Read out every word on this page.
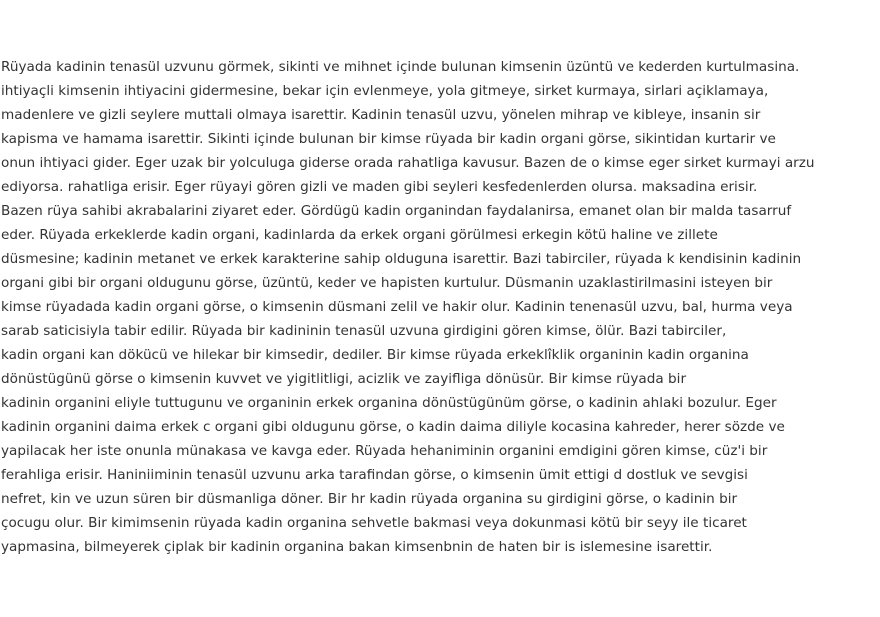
Rüyada kadinin tenasül uzvunu görmek, sikinti ve mihnet içinde bulunan kimsenin üzüntü ve kederden kurtulmasina.
ihtiyaçli kimsenin ihtiyacini gidermesine, bekar için evlenmeye, yola gitmeye, sirket kurmaya, sirlari açiklamaya,
madenlere ve gizli seylere muttali olmaya isarettir. Kadinin tenasül uzvu, yönelen mihrap ve kibleye, insanin sir
kapisma ve hamama isarettir. Sikinti içinde bulunan bir kimse rüyada bir kadin organi görse, sikintidan kurtarir ve
onun ihtiyaci gider. Eger uzak bir yolculuga giderse orada rahatliga kavusur. Bazen de o kimse eger sirket kurmayi arzu
ediyorsa. rahatliga erisir. Eger rüyayi gören gizli ve maden gibi seyleri kesfedenlerden olursa. maksadina erisir.
Bazen rüya sahibi akrabalarini ziyaret eder. Gördügü kadin organindan faydalanirsa, emanet olan bir malda tasarruf
eder. Rüyada erkeklerde kadin organi, kadinlarda da erkek organi görülmesi erkegin kötü haline ve zillete
düsmesine; kadinin metanet ve erkek karakterine sahip olduguna isarettir. Bazi tabirciler, rüyada k kendisinin kadinin
organi gibi bir organi oldugunu görse, üzüntü, keder ve hapisten kurtulur. Düsmanin uzaklastirilmasini isteyen bir
kimse rüyadada kadin organi görse, o kimsenin düsmani zelil ve hakir olur. Kadinin tenenasül uzvu, bal, hurma veya
sarab saticisiyla tabir edilir. Rüyada bir kadininin tenasül uzvuna girdigini gören kimse, ölür. Bazi tabirciler,
kadin organi kan dökücü ve hilekar bir kimsedir, dediler. Bir kimse rüyada erkeklîklik organinin kadin organina
dönüstügünü görse o kimsenin kuvvet ve yigitlitligi, acizlik ve zayifliga dönüsür. Bir kimse rüyada bir
kadinin organini eliyle tuttugunu ve organinin erkek organina dönüstügünüm görse, o kadinin ahlaki bozulur. Eger
kadinin organini daima erkek c organi gibi oldugunu görse, o kadin daima diliyle kocasina kahreder, herer sözde ve
yapilacak her iste onunla münakasa ve kavga eder. Rüyada hehaniminin organini emdigini gören kimse, cüz'i bir
ferahliga erisir. Haniniiminin tenasül uzvunu arka tarafindan görse, o kimsenin ümit ettigi d dostluk ve sevgisi
nefret, kin ve uzun süren bir düsmanliga döner. Bir hr kadin rüyada organina su girdigini görse, o kadinin bir
çocugu olur. Bir kimimsenin rüyada kadin organina sehvetle bakmasi veya dokunmasi kötü bir seyy ile ticaret
yapmasina, bilmeyerek çiplak bir kadinin organina bakan kimsenbnin de haten bir is islemesine isarettir.
